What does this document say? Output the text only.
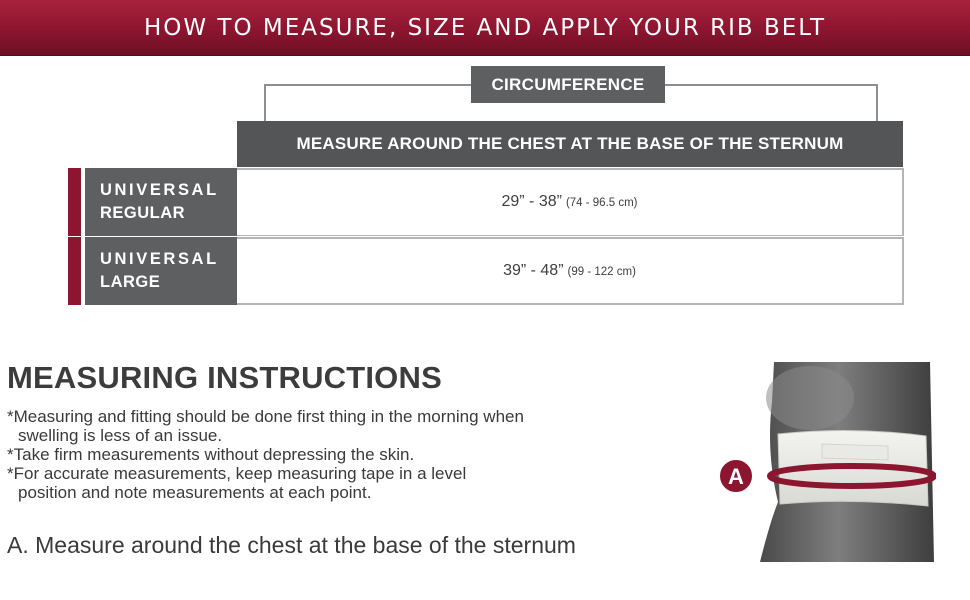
HOW TO MEASURE, SIZE AND APPLY YOUR RIB BELT
CIRCUMFERENCE
MEASURE AROUND THE CHEST AT THE BASE OF THE STERNUM
UNIVERSAL
REGULAR
29” - 38” (74 - 96.5 cm)
UNIVERSAL
LARGE
39” - 48” (99 - 122 cm)
MEASURING INSTRUCTIONS

*Measuring and fitting should be done first thing in the morning when

swelling is less of an issue.

*Take firm measurements without depressing the skin.

*For accurate measurements, keep measuring tape in a level

position and note measurements at each point.

A. Measure around the chest at the base of the sternum
A
